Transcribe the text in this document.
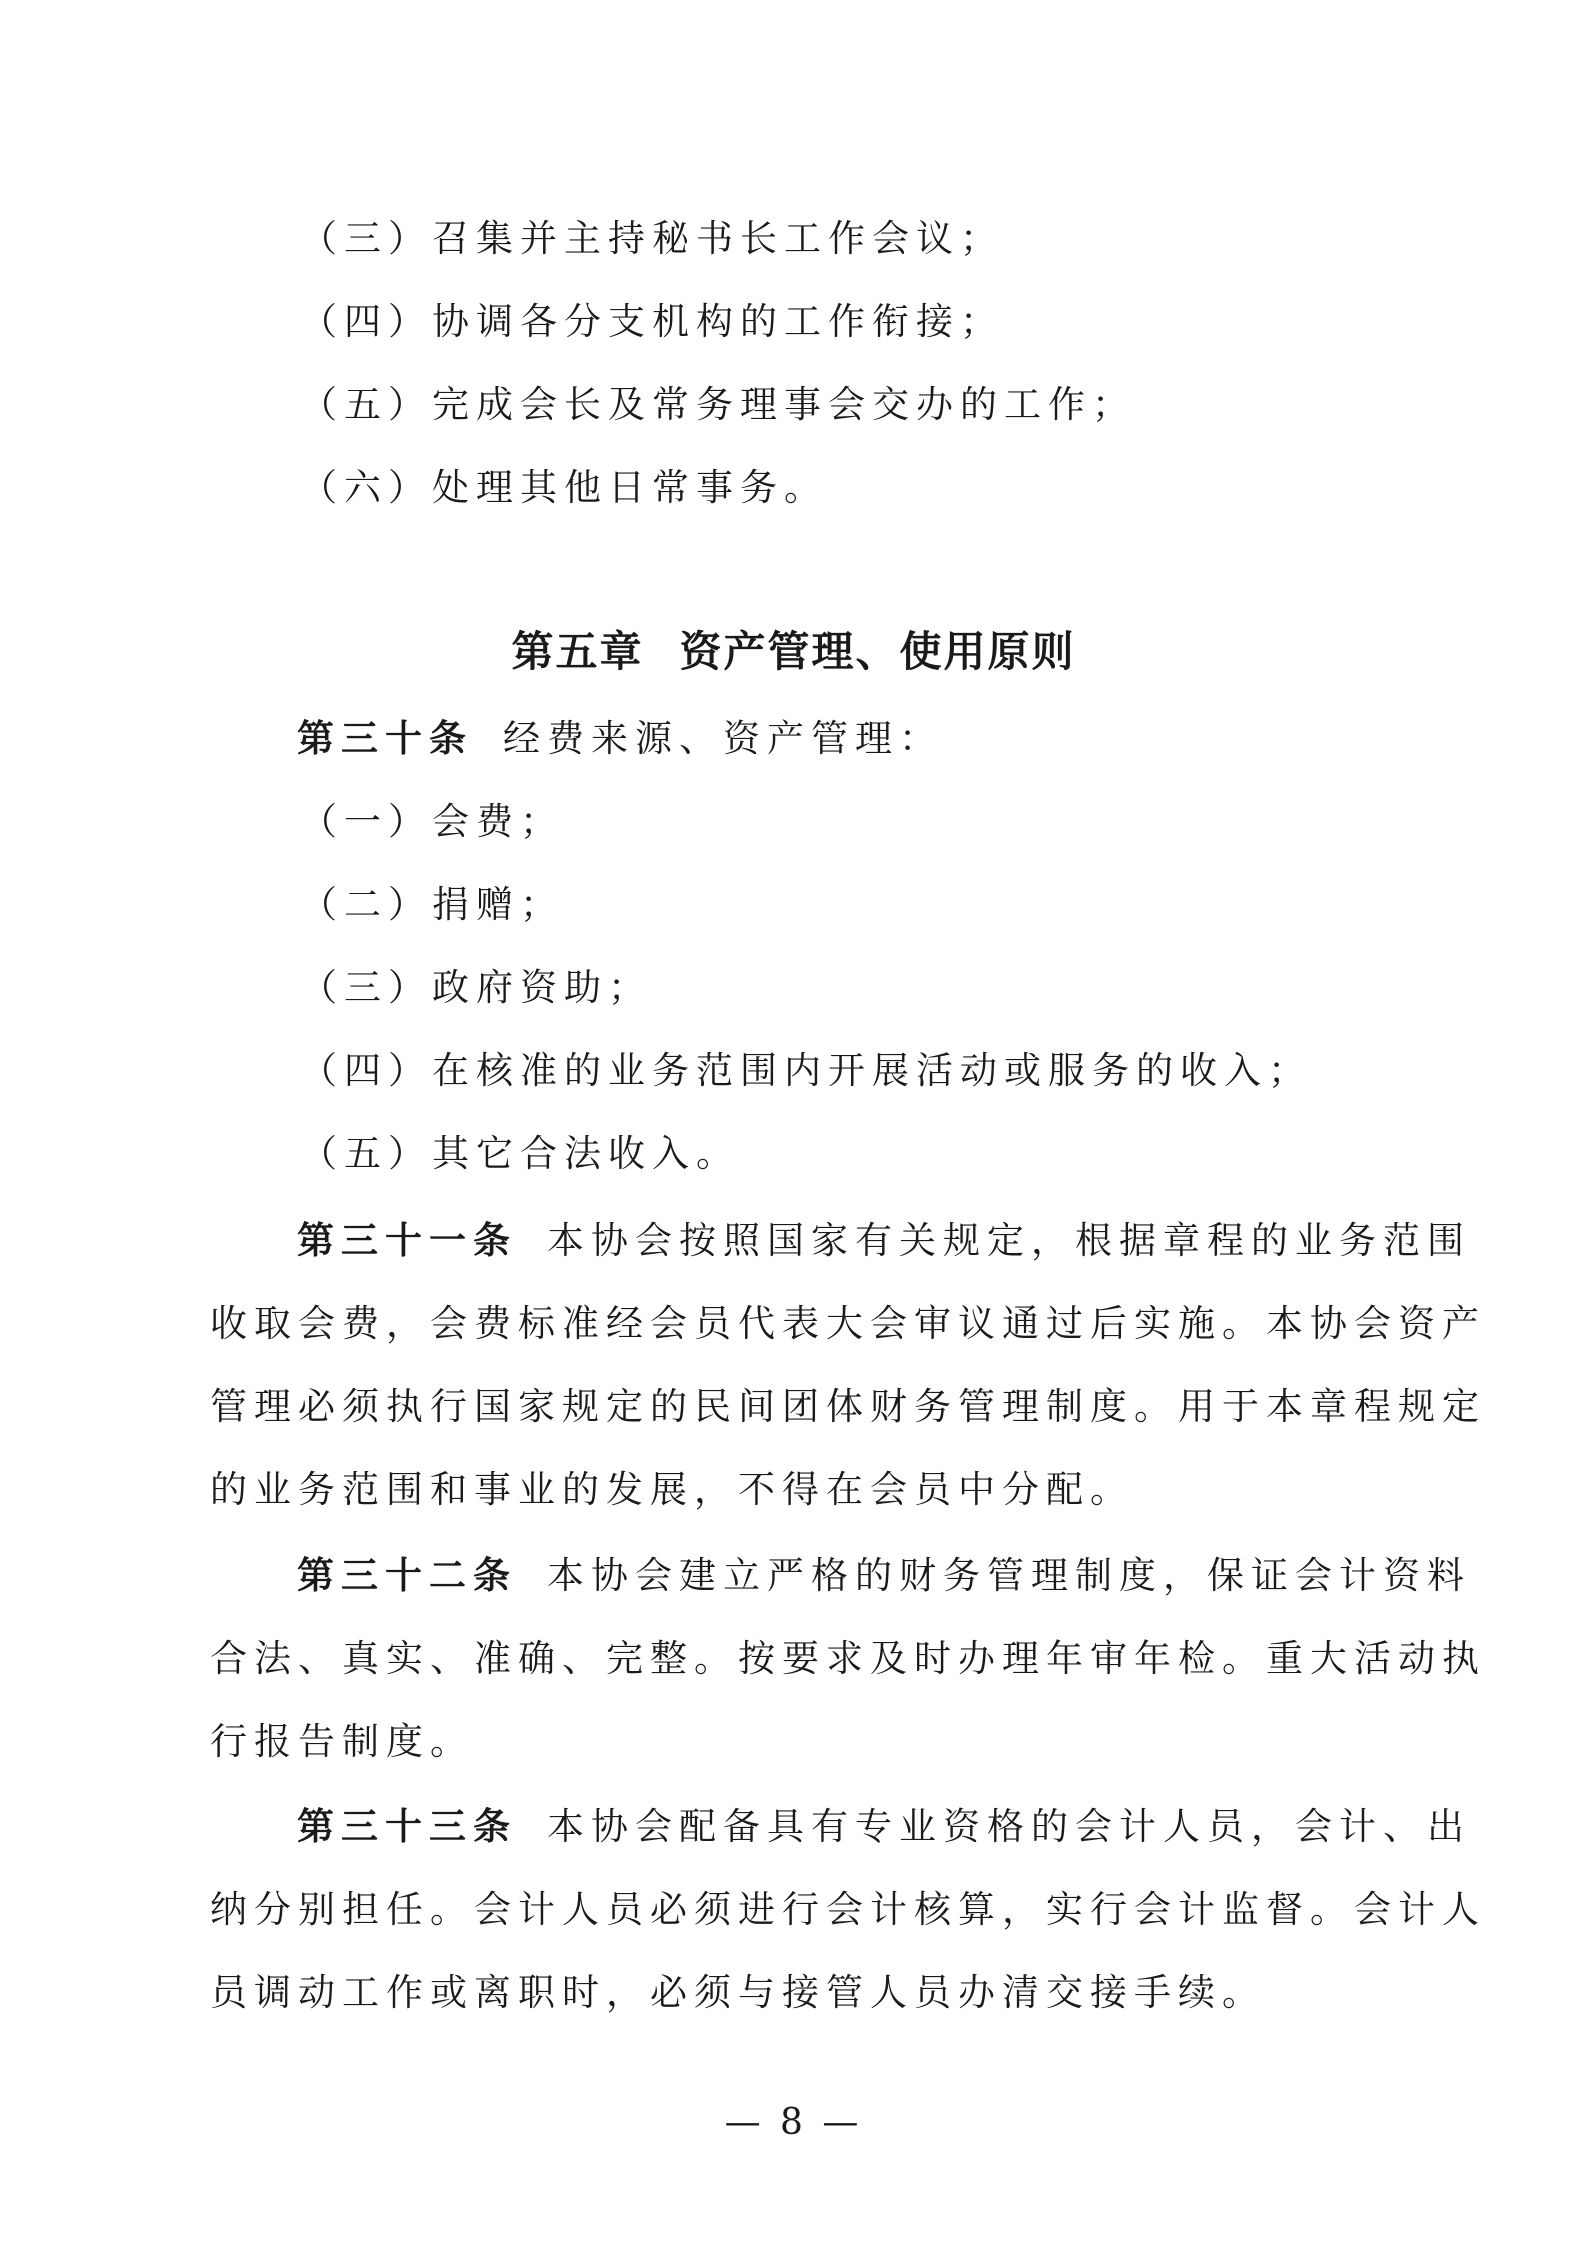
（三）召集并主持秘书长工作会议；
（四）协调各分支机构的工作衔接；
（五）完成会长及常务理事会交办的工作；
（六）处理其他日常事务。
第五章 资产管理、使用原则
第三十条 经费来源、资产管理：
（一）会费；
（二）捐赠；
（三）政府资助；
（四）在核准的业务范围内开展活动或服务的收入；
（五）其它合法收入。
第三十一条 本协会按照国家有关规定，根据章程的业务范围
收取会费，会费标准经会员代表大会审议通过后实施。本协会资产
管理必须执行国家规定的民间团体财务管理制度。用于本章程规定
的业务范围和事业的发展，不得在会员中分配。
第三十二条 本协会建立严格的财务管理制度，保证会计资料
合法、真实、准确、完整。按要求及时办理年审年检。重大活动执
行报告制度。
第三十三条 本协会配备具有专业资格的会计人员，会计、出
纳分别担任。会计人员必须进行会计核算，实行会计监督。会计人
员调动工作或离职时，必须与接管人员办清交接手续。
— 8 —
